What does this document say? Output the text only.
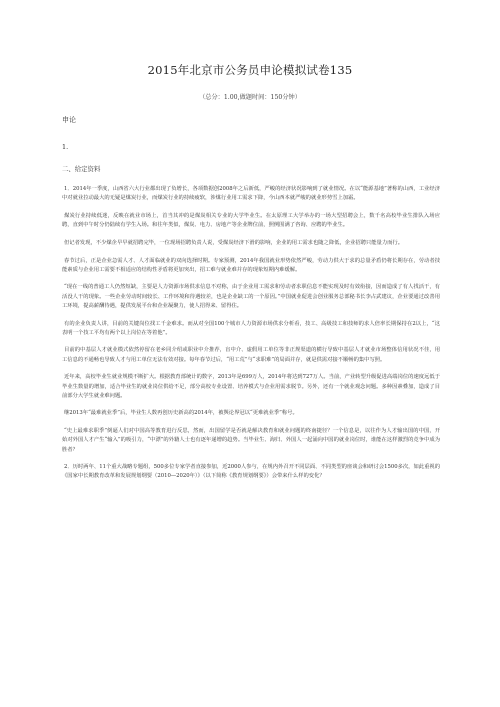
2015年北京市公务员申论模拟试卷135
（总分：1.00,做题时间：150分钟）
申论
1.
二、给定资料

1．2014年一季度，山西省六大行业都出现了负增长，各项数据创2008年之后新低，严峻的经济状况影响到了就业情况。在以“能源基地”著称的山西，工业经济中对就业拉动最大的无疑是煤炭行业，而煤炭行业的持续疲软，涉煤行业用工需求下降，今山西本就严峻的就业形势雪上加霜。

煤炭行业持续低迷，反映在就业市场上，首当其冲的是煤炭相关专业的大学毕业生。在太原理工大学举办的一场大型招聘会上，数千名高校毕业生排队入场应聘，直到中午时分仍陆续有学生入场。和往年类似，煤炭、电力、房地产等企业牌位前，照例围满了咨询、应聘的毕业生。

但记者发现，不少煤企早早就招聘完毕，一位现场招聘负责人说，受煤炭经济下滑的影响，企业的用工需求也随之降低，企业招聘只能量力而行。

春节过后，正是企业急需人才、人才面临就业的双向选择时期。专家预测，2014年我国就业形势依然严峻，劳动力供大于求的总量矛盾仍将长期存在，劳动者技能素质与企业用工需要不相适应的结构性矛盾将更加突出，招工难与就业难并存的现象短期内难缓解。

“现在一线的普通工人仍然短缺，主要是人力资源市场供求信息不对称，由于企业用工需求和劳动者求职信息不能实现及时有效衔接，因而造成了有人找活干，有活没人干的现象。一些企业劳动时间较长、工作环境和待遇较差，也是企业缺工的一个原因。”中国就业促进会创业服务总部秘书长李占武建议，企业要通过改善用工环境，提高薪酬待遇，提供发展平台和企业凝聚力，使人招得来、留得住。

有的企业负责人讲，目前的关键岗位找工千金难求。而从对全国100个城市人力资源市场供求分析看，技工、高级技工和技师的求人倍率长期保持在2以上，“这表明一个技工平均有两个以上岗位在等着他”。

目前的中基层人才就业模式依然停留在老乡同介绍或职业中介推荐，盲中介、虚假用工单位等非正规渠道的横行导致中基层人才就业市场整体信用状况不佳，用工信息的不通畅也导致人才与用工单位无法有效对接。每年春节过后，“用工荒”与“求职难”的局面并存，就是供需对接不顺畅的集中写照。

近年来，高校毕业生就业规模不断扩大。根据教育部统计的数字，2013年是699万人，2014年将达到727万人。当前，产业转型升级促进高端岗位的速度远低于毕业生数量的增加，适合毕业生的就业岗位供给不足，部分高校专业设置、培养模式与企业用需求脱节。另外，还有一个就业观念问题。多种因素叠加，造成了目前部分大学生就业难问题。

继2013年“最难就业季”后，毕业生人数再创历史新高的2014年，被舆论界冠以“更难就业季”称号。

“史上最难求职季”倒逼人们对中国高等教育进行反思，然而，出国留学是否就是解决教育和就业问题的终南捷径？一个信息是，以往作为人才输出国的中国，开始对外国人才产生“输入”的吸引力，“中漂”的外籍人士也有逐年递增的趋势。当毕业生、海归、外国人一起涌向中国的就业岗位时，谁能在这样激烈的竞争中成为胜者？

2．历时两年、11个重大战略专题组，500多位专家学者直接参加，近2000人参与，在规内外召开不同层面、不同类型的座谈会和研讨会1500多次，如此重视的《国家中长期教育改革和发展规划纲要（2010—2020年）》（以下简称《教育规划纲要》）会带来什么样的变化？
